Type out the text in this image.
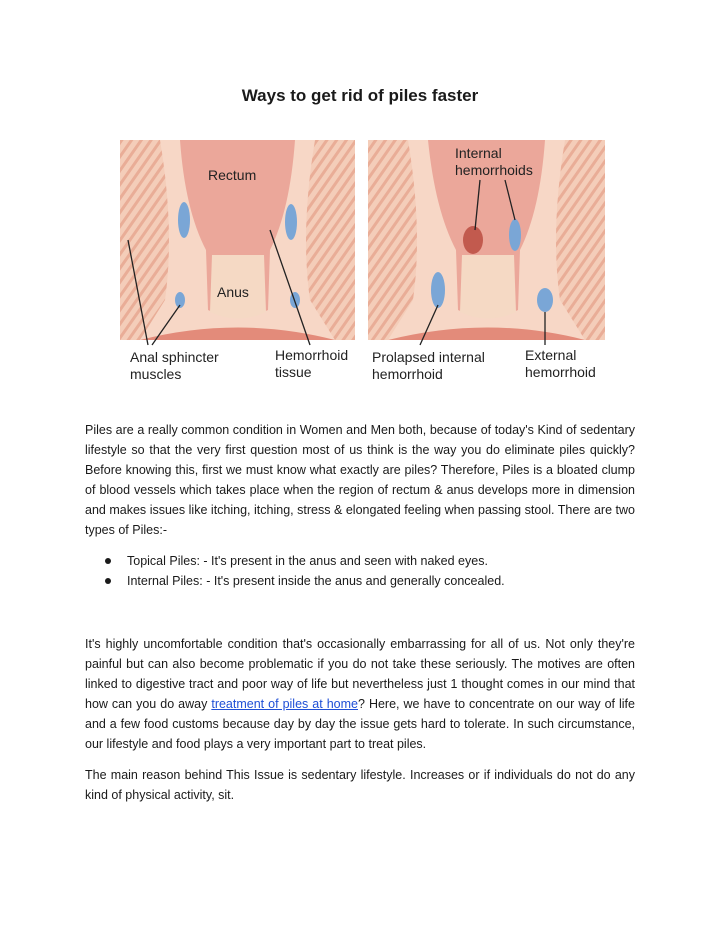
Ways to get rid of piles faster
Rectum
Anus
Anal sphincter
muscles
Hemorrhoid
tissue
Internal
hemorrhoids
Prolapsed internal
hemorrhoid
External
hemorrhoid

Piles are a really common condition in Women and Men both, because of today's Kind of sedentary lifestyle so that the very first question most of us think is the way you do eliminate piles quickly? Before knowing this, first we must know what exactly are piles? Therefore, Piles is a bloated clump of blood vessels which takes place when the region of rectum & anus develops more in dimension and makes issues like itching, itching, stress & elongated feeling when passing stool. There are two types of Piles:-

Topical Piles: - It's present in the anus and seen with naked eyes.
Internal Piles: - It's present inside the anus and generally concealed.

It's highly uncomfortable condition that's occasionally embarrassing for all of us. Not only they're painful but can also become problematic if you do not take these seriously. The motives are often linked to digestive tract and poor way of life but nevertheless just 1 thought comes in our mind that how can you do away treatment of piles at home? Here, we have to concentrate on our way of life and a few food customs because day by day the issue gets hard to tolerate. In such circumstance, our lifestyle and food plays a very important part to treat piles.

The main reason behind This Issue is sedentary lifestyle. Increases or if individuals do not do any kind of physical activity, sit.
